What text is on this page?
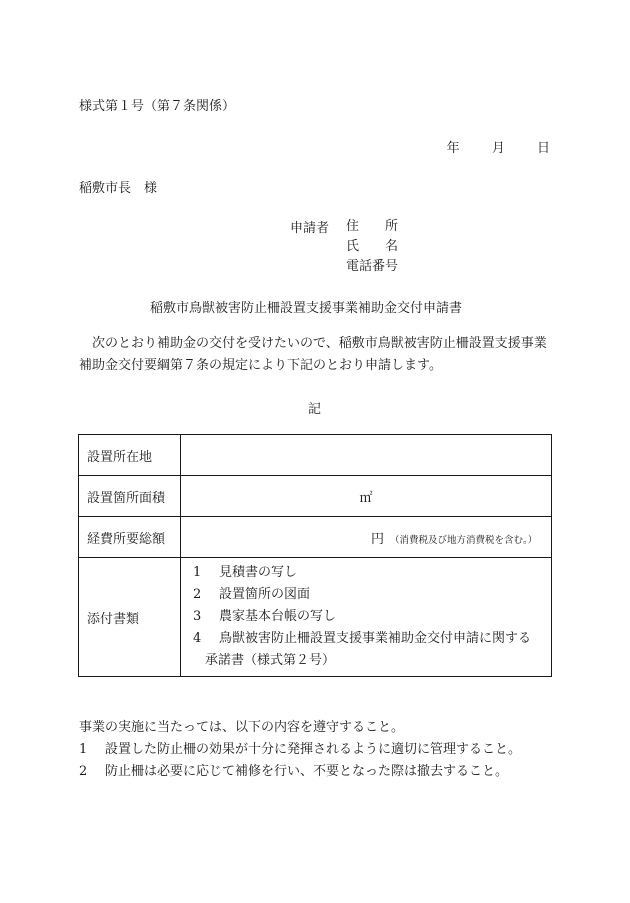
様式第１号（第７条関係）
年 月 日
稲敷市長　様
申請者 住　　所
氏　　名
電話番号
稲敷市鳥獣被害防止柵設置支援事業補助金交付申請書
次のとおり補助金の交付を受けたいので、稲敷市鳥獣被害防止柵設置支援事業補助金交付要綱第７条の規定により下記のとおり申請します。
記
設置所在地	
設置箇所面積	㎡
経費所要総額	円 （消費税及び地方消費税を含む。）
添付書類	1 見積書の写し
2 設置箇所の図面
3 農家基本台帳の写し
4 鳥獣被害防止柵設置支援事業補助金交付申請に関する
承諾書（様式第２号）
事業の実施に当たっては、以下の内容を遵守すること。
1 設置した防止柵の効果が十分に発揮されるように適切に管理すること。
2 防止柵は必要に応じて補修を行い、不要となった際は撤去すること。
